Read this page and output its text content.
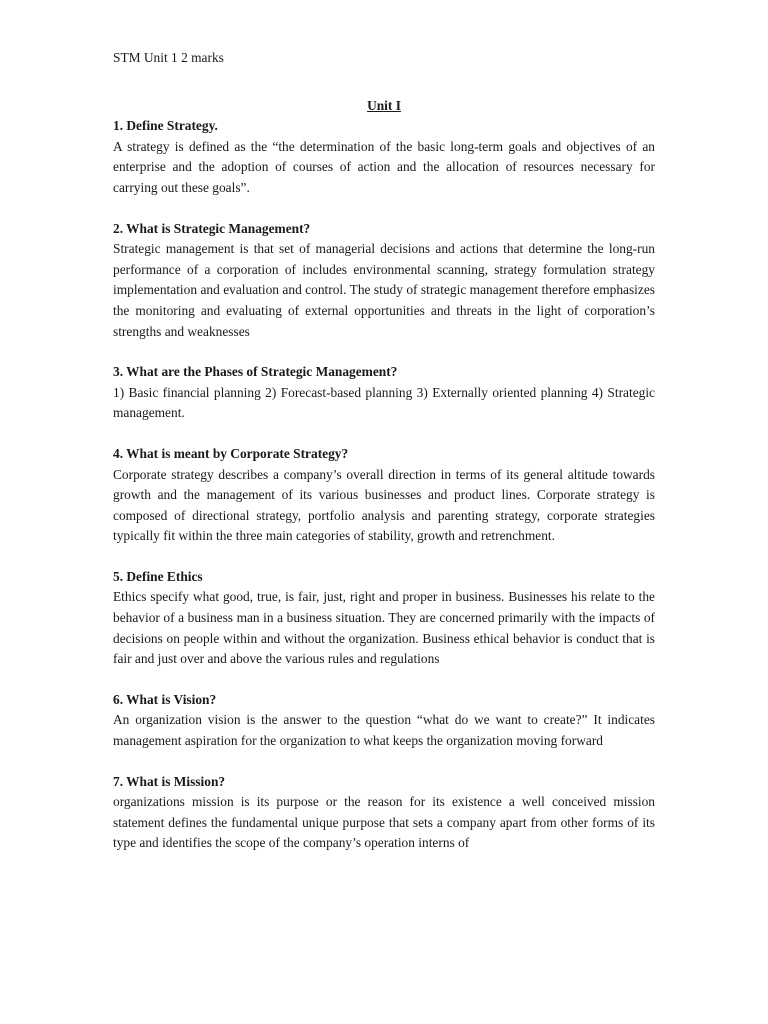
STM Unit 1 2 marks

Unit I

1. Define Strategy.

A strategy is defined as the “the determination of the basic long-term goals and objectives of an enterprise and the adoption of courses of action and the allocation of resources necessary for carrying out these goals”.

2. What is Strategic Management?

Strategic management is that set of managerial decisions and actions that determine the long-run performance of a corporation of includes environmental scanning, strategy formulation strategy implementation and evaluation and control. The study of strategic management therefore emphasizes the monitoring and evaluating of external opportunities and threats in the light of corporation’s strengths and weaknesses

3. What are the Phases of Strategic Management?

1) Basic financial planning 2) Forecast-based planning 3) Externally oriented planning 4) Strategic management.

4. What is meant by Corporate Strategy?

Corporate strategy describes a company’s overall direction in terms of its general altitude towards growth and the management of its various businesses and product lines. Corporate strategy is composed of directional strategy, portfolio analysis and parenting strategy, corporate strategies typically fit within the three main categories of stability, growth and retrenchment.

5. Define Ethics

Ethics specify what good, true, is fair, just, right and proper in business. Businesses his relate to the behavior of a business man in a business situation. They are concerned primarily with the impacts of decisions on people within and without the organization. Business ethical behavior is conduct that is fair and just over and above the various rules and regulations

6. What is Vision?

An organization vision is the answer to the question “what do we want to create?” It indicates management aspiration for the organization to what keeps the organization moving forward

7. What is Mission?

organizations mission is its purpose or the reason for its existence a well conceived mission statement defines the fundamental unique purpose that sets a company apart from other forms of its type and identifies the scope of the company’s operation interns of
